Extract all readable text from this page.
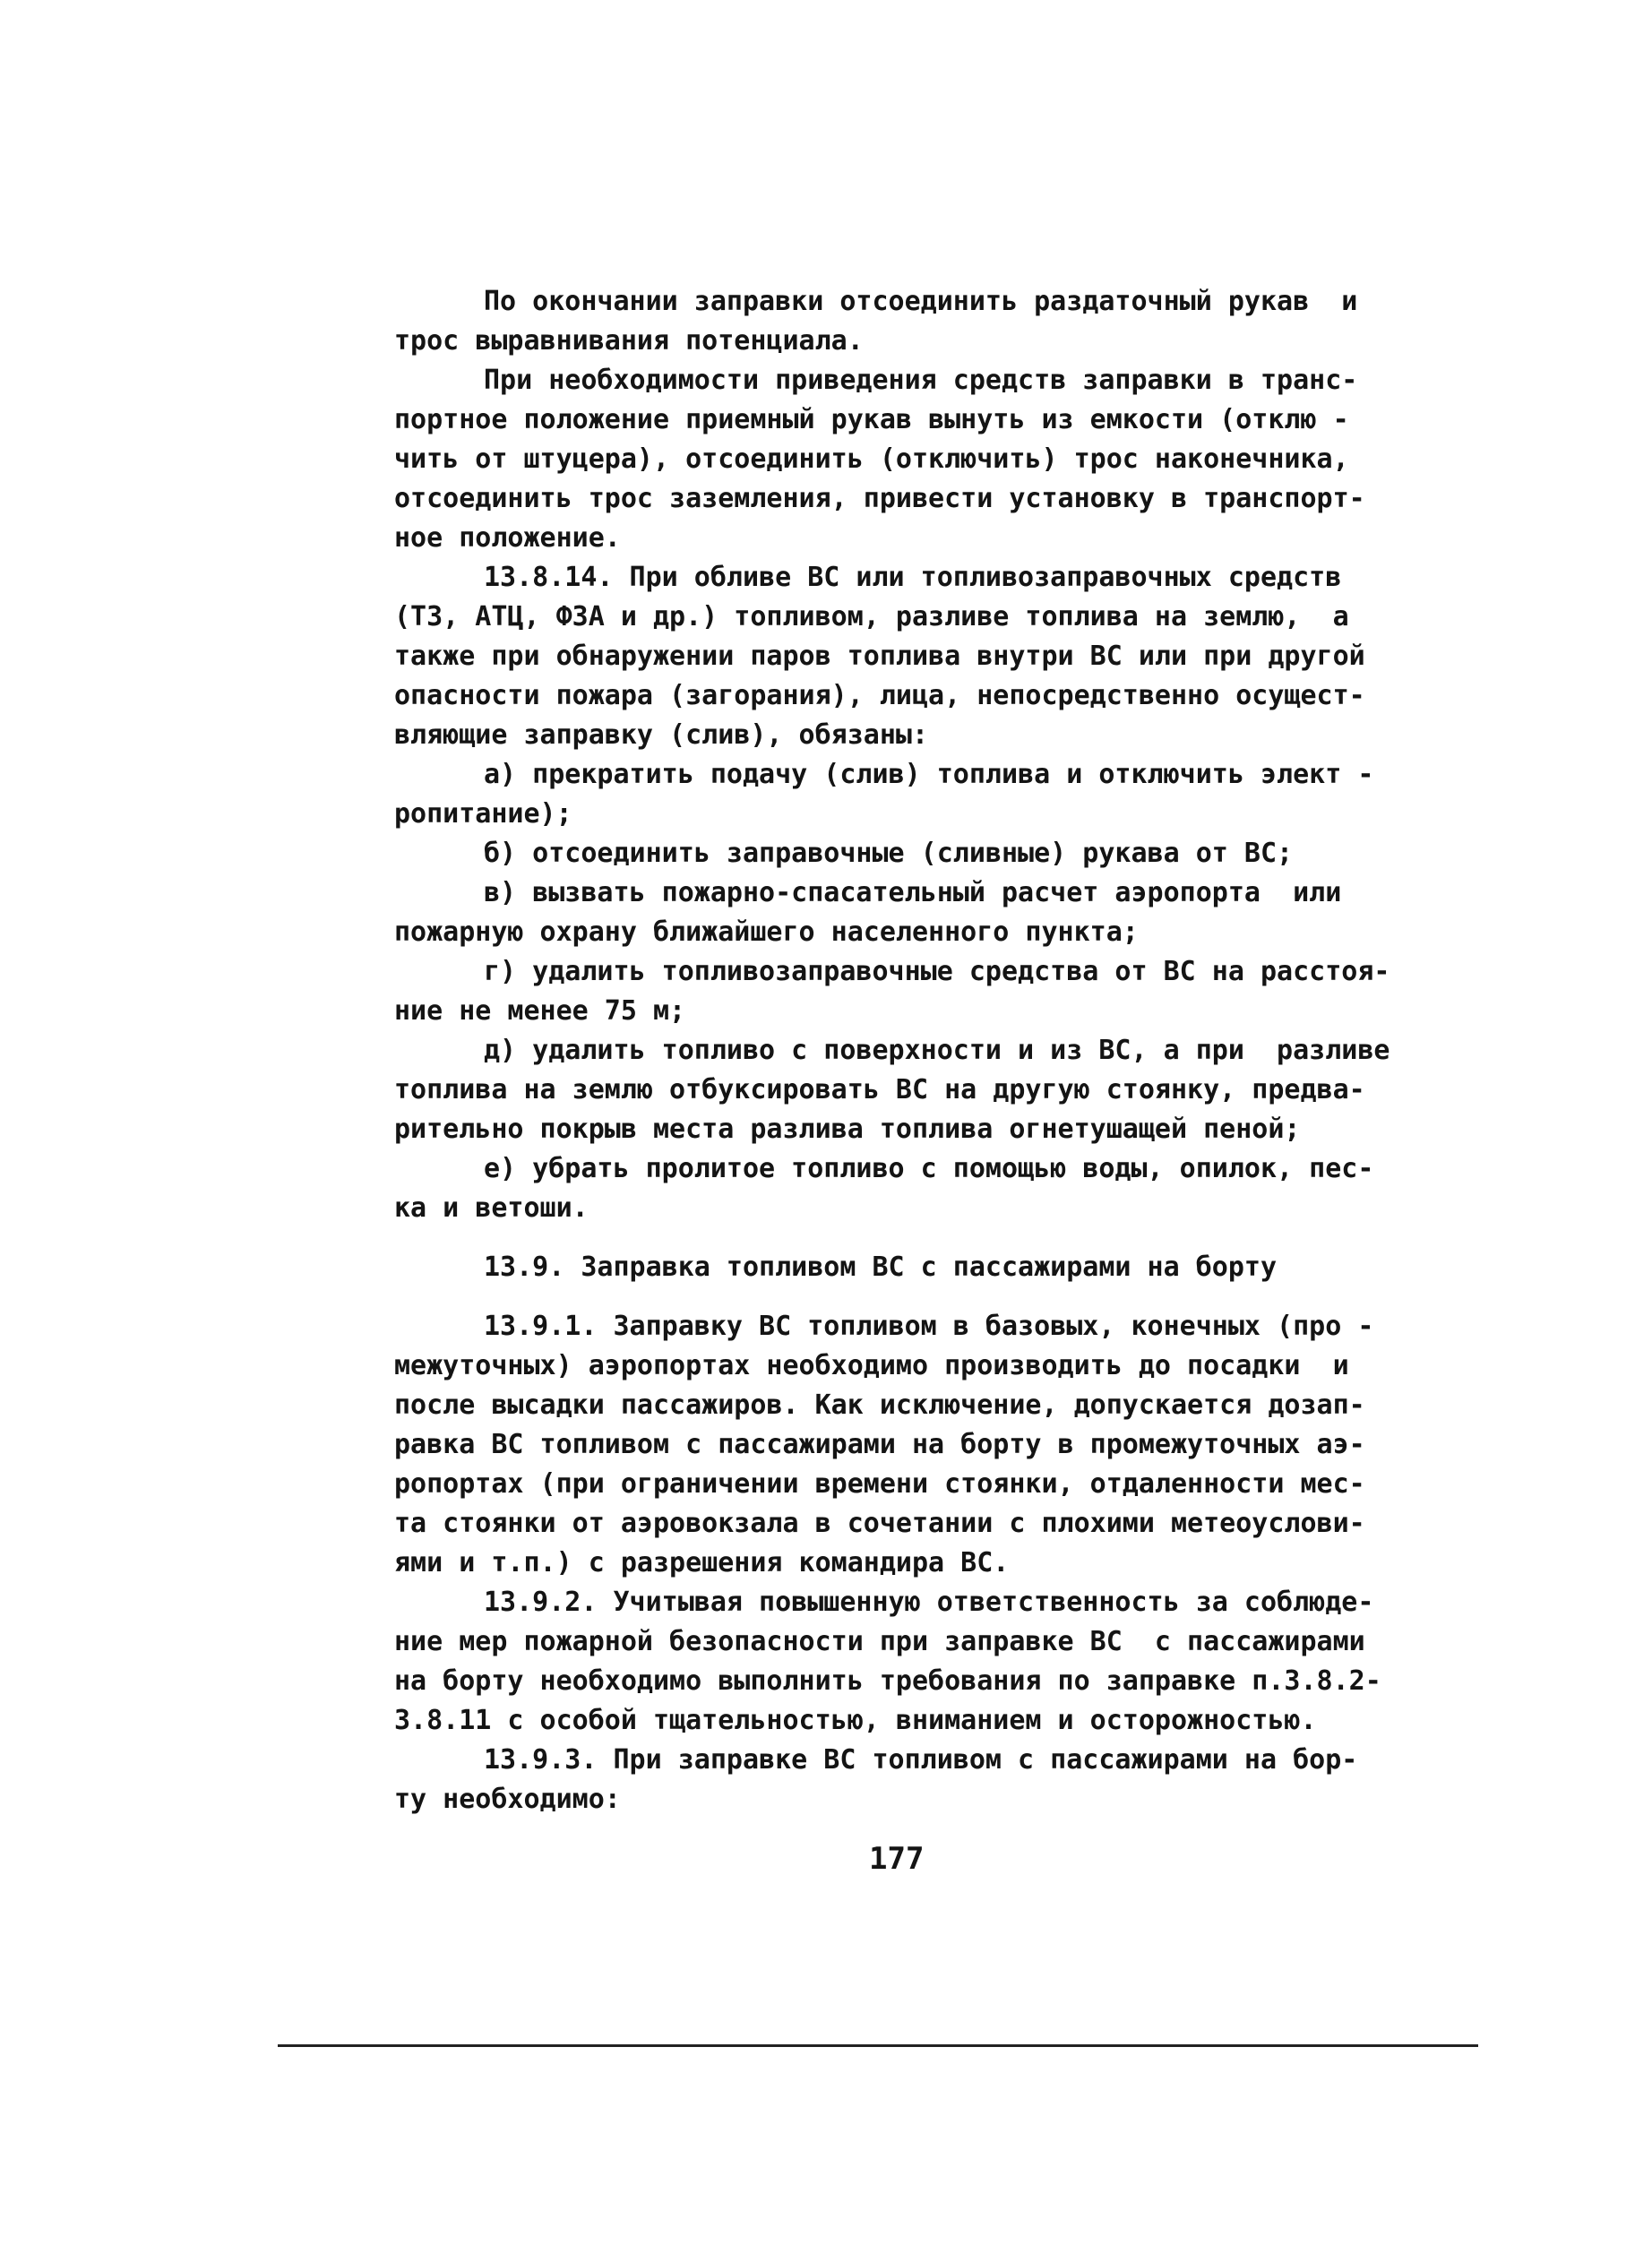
По окончании заправки отсоединить раздаточный рукав  и
трос выравнивания потенциала.
При необходимости приведения средств заправки в транс-
портное положение приемный рукав вынуть из емкости (отклю -
чить от штуцера), отсоединить (отключить) трос наконечника,
отсоединить трос заземления, привести установку в транспорт-
ное положение.
13.8.14. При обливе ВС или топливозаправочных средств
(ТЗ, АТЦ, ФЗА и др.) топливом, разливе топлива на землю,  а
также при обнаружении паров топлива внутри ВС или при другой
опасности пожара (загорания), лица, непосредственно осущест-
вляющие заправку (слив), обязаны:
а) прекратить подачу (слив) топлива и отключить элект -
ропитание);
б) отсоединить заправочные (сливные) рукава от ВС;
в) вызвать пожарно-спасательный расчет аэропорта  или
пожарную охрану ближайшего населенного пункта;
г) удалить топливозаправочные средства от ВС на расстоя-
ние не менее 75 м;
д) удалить топливо с поверхности и из ВС, а при  разливе
топлива на землю отбуксировать ВС на другую стоянку, предва-
рительно покрыв места разлива топлива огнетушащей пеной;
е) убрать пролитое топливо с помощью воды, опилок, пес-
ка и ветоши.
13.9. Заправка топливом ВС с пассажирами на борту
13.9.1. Заправку ВС топливом в базовых, конечных (про -
межуточных) аэропортах необходимо производить до посадки  и
после высадки пассажиров. Как исключение, допускается дозап-
равка ВС топливом с пассажирами на борту в промежуточных аэ-
ропортах (при ограничении времени стоянки, отдаленности мес-
та стоянки от аэровокзала в сочетании с плохими метеоуслови-
ями и т.п.) с разрешения командира ВС.
13.9.2. Учитывая повышенную ответственность за соблюде-
ние мер пожарной безопасности при заправке ВС  с пассажирами
на борту необходимо выполнить требования по заправке п.3.8.2-
3.8.11 с особой тщательностью, вниманием и осторожностью.
13.9.3. При заправке ВС топливом с пассажирами на бор-
ту необходимо:
177
